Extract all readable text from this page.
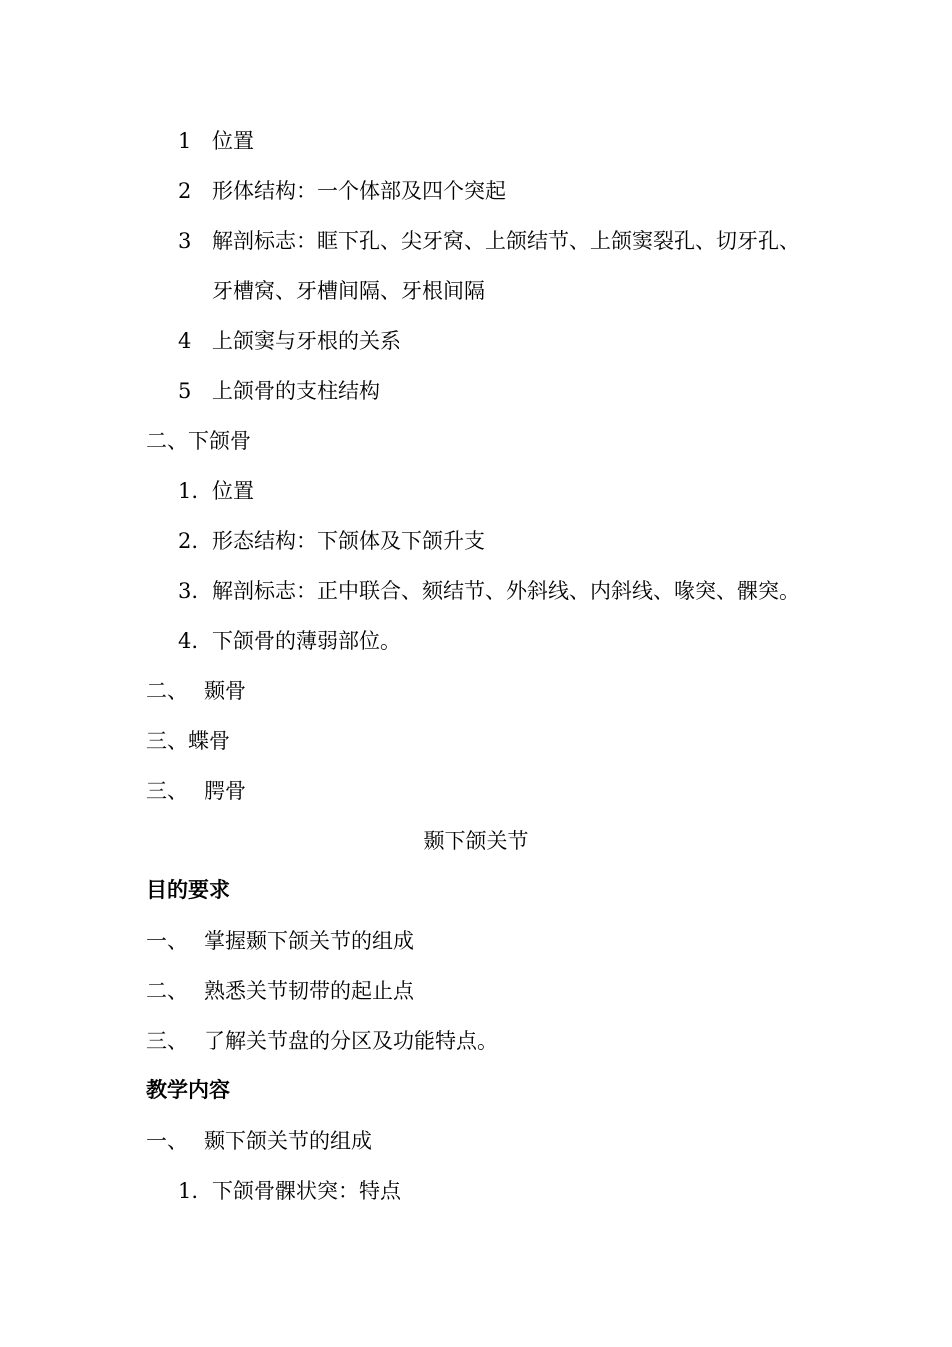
1 位置
2 形体结构：一个体部及四个突起
3 解剖标志：眶下孔、尖牙窝、上颌结节、上颌窦裂孔、切牙孔、
牙槽窝、牙槽间隔、牙根间隔
4 上颌窦与牙根的关系
5 上颌骨的支柱结构
二、下颌骨
1. 位置
2. 形态结构：下颌体及下颌升支
3. 解剖标志：正中联合、颏结节、外斜线、内斜线、喙突、髁突。
4. 下颌骨的薄弱部位。
二、 颞骨
三、蝶骨
三、 腭骨
颞下颌关节
目的要求
一、 掌握颞下颌关节的组成
二、 熟悉关节韧带的起止点
三、 了解关节盘的分区及功能特点。
教学内容
一、 颞下颌关节的组成
1. 下颌骨髁状突：特点
